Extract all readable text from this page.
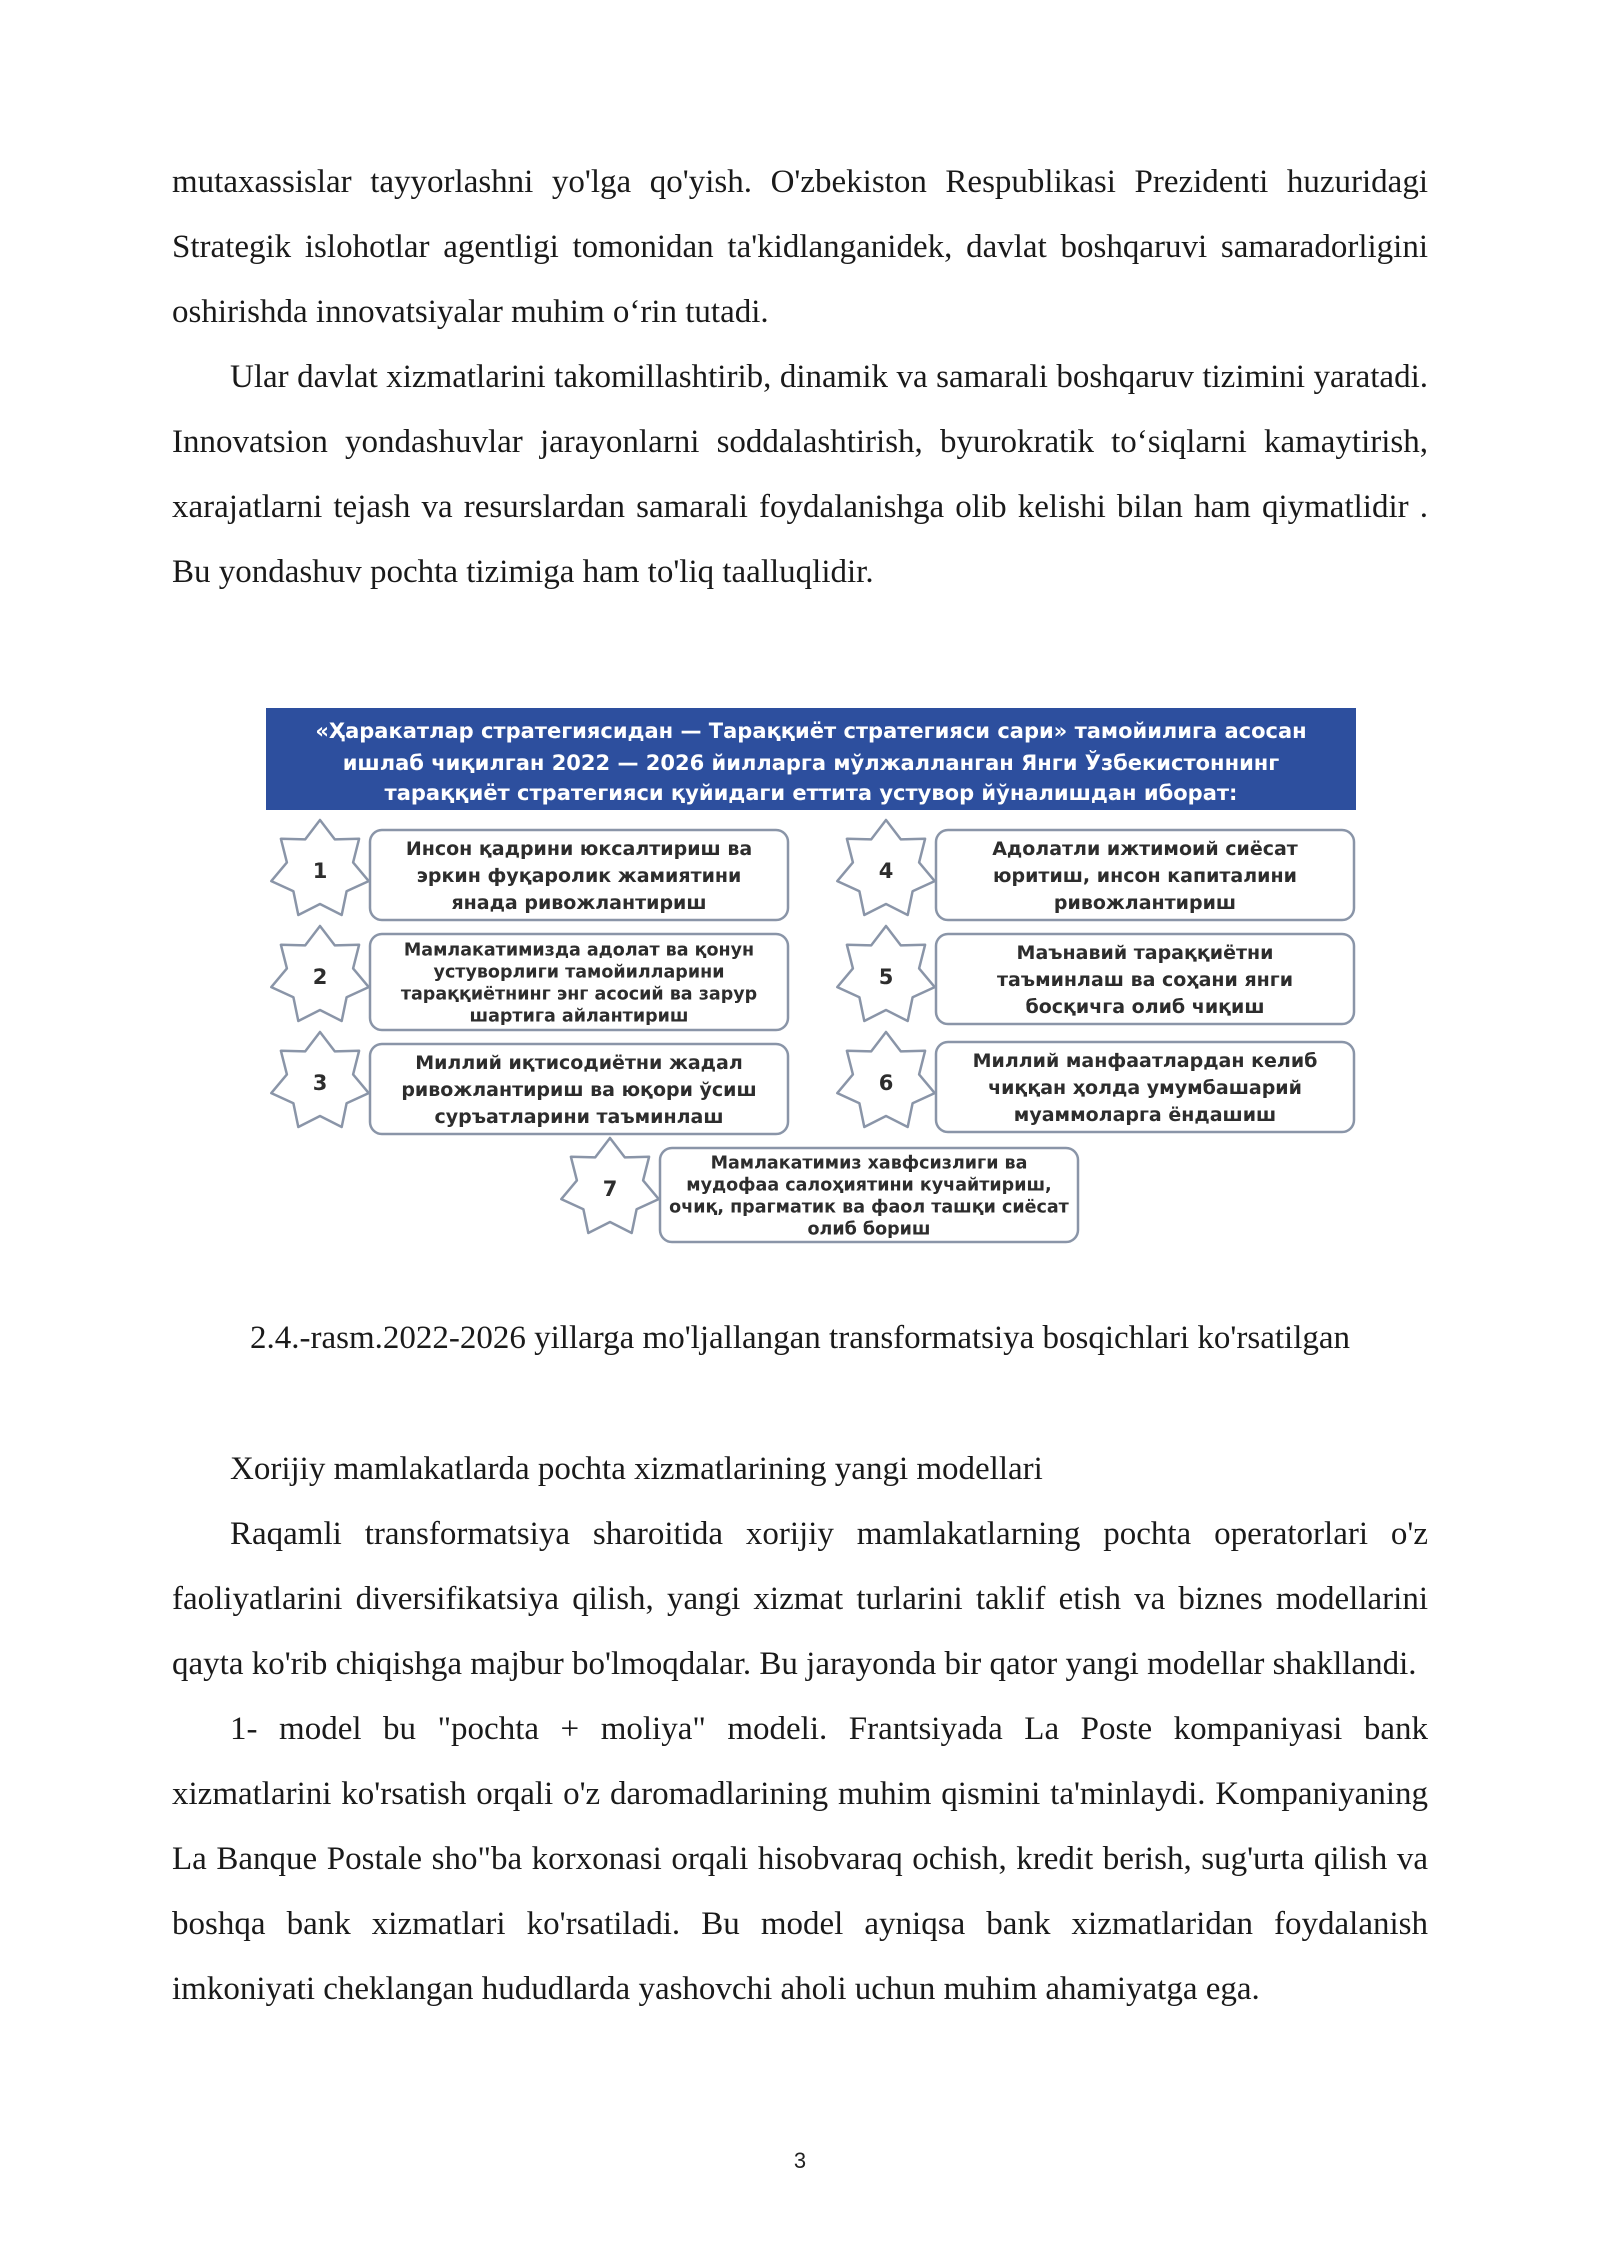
mutaxassislar tayyorlashni yo'lga qo'yish. O'zbekiston Respublikasi Prezidenti huzuridagi Strategik islohotlar agentligi tomonidan ta'kidlanganidek, davlat boshqaruvi samaradorligini oshirishda innovatsiyalar muhim o‘rin tutadi.

Ular davlat xizmatlarini takomillashtirib, dinamik va samarali boshqaruv tizimini yaratadi. Innovatsion yondashuvlar jarayonlarni soddalashtirish, byurokratik to‘siqlarni kamaytirish, xarajatlarni tejash va resurslardan samarali foydalanishga olib kelishi bilan ham qiymatlidir . Bu yondashuv pochta tizimiga ham to'liq taalluqlidir.

«Ҳаракатлар стратегиясидан — Тараққиёт стратегияси сари» тамойилига асосан
ишлаб чиқилган 2022 — 2026 йилларга мўлжалланган Янги Ўзбекистоннинг
тараққиёт стратегияси қуйидаги еттита устувор йўналишдан иборат:
1
Инсон қадрини юксалтириш ва
эркин фуқаролик жамиятини
янада ривожлантириш
2
Мамлакатимизда адолат ва қонун
устуворлиги тамойилларини
тараққиётнинг энг асосий ва зарур
шартига айлантириш
3
Миллий иқтисодиётни жадал
ривожлантириш ва юқори ўсиш
суръатларини таъминлаш
4
Адолатли ижтимоий сиёсат
юритиш, инсон капиталини
ривожлантириш
5
Маънавий тараққиётни
таъминлаш ва соҳани янги
босқичга олиб чиқиш
6
Миллий манфаатлардан келиб
чиққан ҳолда умумбашарий
муаммоларга ёндашиш
7
Мамлакатимиз хавфсизлиги ва
мудофаа салоҳиятини кучайтириш,
очиқ, прагматик ва фаол ташқи сиёсат
олиб бориш
2.4.-rasm.2022-2026 yillarga mo'ljallangan transformatsiya bosqichlari ko'rsatilgan

Xorijiy mamlakatlarda pochta xizmatlarining yangi modellari

Raqamli transformatsiya sharoitida xorijiy mamlakatlarning pochta operatorlari o'z faoliyatlarini diversifikatsiya qilish, yangi xizmat turlarini taklif etish va biznes modellarini qayta ko'rib chiqishga majbur bo'lmoqdalar. Bu jarayonda bir qator yangi modellar shakllandi.

1- model bu "pochta + moliya" modeli. Frantsiyada La Poste kompaniyasi bank xizmatlarini ko'rsatish orqali o'z daromadlarining muhim qismini ta'minlaydi. Kompaniyaning La Banque Postale sho"ba korxonasi orqali hisobvaraq ochish, kredit berish, sug'urta qilish va boshqa bank xizmatlari ko'rsatiladi. Bu model ayniqsa bank xizmatlaridan foydalanish imkoniyati cheklangan hududlarda yashovchi aholi uchun muhim ahamiyatga ega.

3
